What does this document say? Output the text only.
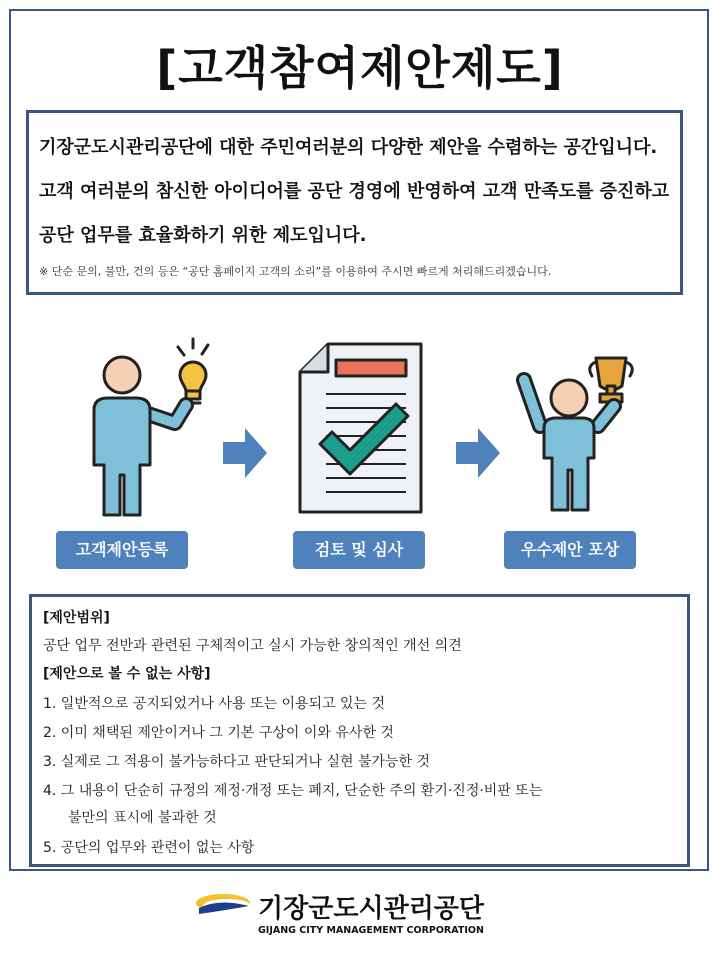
[고객참여제안제도]
기장군도시관리공단에 대한 주민여러분의 다양한 제안을 수렴하는 공간입니다.
고객 여러분의 참신한 아이디어를 공단 경영에 반영하여 고객 만족도를 증진하고
공단 업무를 효율화하기 위한 제도입니다.
※ 단순 문의, 불만, 건의 등은 “공단 홈페이지 고객의 소리”를 이용하여 주시면 빠르게 처리해드리겠습니다.
고객제안등록	검토 및 심사	우수제안 포상
[제안범위]
공단 업무 전반과 관련된 구체적이고 실시 가능한 창의적인 개선 의견
[제안으로 볼 수 없는 사항]
1. 일반적으로 공지되었거나 사용 또는 이용되고 있는 것
2. 이미 채택된 제안이거나 그 기본 구상이 이와 유사한 것
3. 실제로 그 적용이 불가능하다고 판단되거나 실현 불가능한 것
4. 그 내용이 단순히 규정의 제정·개정 또는 폐지, 단순한 주의 환기·진정·비판 또는
불만의 표시에 불과한 것
5. 공단의 업무와 관련이 없는 사항
기장군도시관리공단
GIJANG CITY MANAGEMENT CORPORATION
